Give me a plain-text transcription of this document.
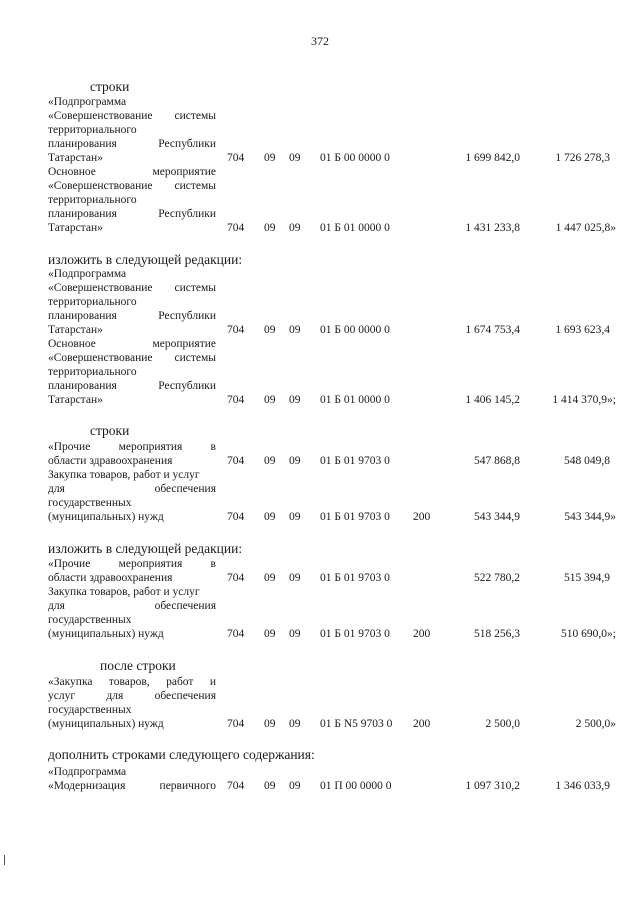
372
строки
«Подпрограмма
«Совершенствование системы
территориального
планирования Республики
Татарстан»	704 09 09 01 Б 00 0000 0	1 699 842,0	1 726 278,3
Основное мероприятие
«Совершенствование системы
территориального
планирования Республики
Татарстан»	704 09 09 01 Б 01 0000 0	1 431 233,8	1 447 025,8»
изложить в следующей редакции:
«Подпрограмма
«Совершенствование системы
территориального
планирования Республики
Татарстан»	704 09 09 01 Б 00 0000 0	1 674 753,4	1 693 623,4
Основное мероприятие
«Совершенствование системы
территориального
планирования Республики
Татарстан»	704 09 09 01 Б 01 0000 0	1 406 145,2	1 414 370,9»;
строки
«Прочие мероприятия в
области здравоохранения	704 09 09 01 Б 01 9703 0	547 868,8	548 049,8
Закупка товаров, работ и услуг
для обеспечения
государственных
(муниципальных) нужд	704 09 09 01 Б 01 9703 0 200	543 344,9	543 344,9»
изложить в следующей редакции:
«Прочие мероприятия в
области здравоохранения	704 09 09 01 Б 01 9703 0	522 780,2	515 394,9
Закупка товаров, работ и услуг
для обеспечения
государственных
(муниципальных) нужд	704 09 09 01 Б 01 9703 0 200	518 256,3	510 690,0»;
после строки
«Закупка товаров, работ и
услуг для обеспечения
государственных
(муниципальных) нужд	704 09 09 01 Б N5 9703 0 200	2 500,0	2 500,0»
дополнить строками следующего содержания:
«Подпрограмма
«Модернизация первичного 704 09 09 01 П 00 0000 0	1 097 310,2	1 346 033,9
